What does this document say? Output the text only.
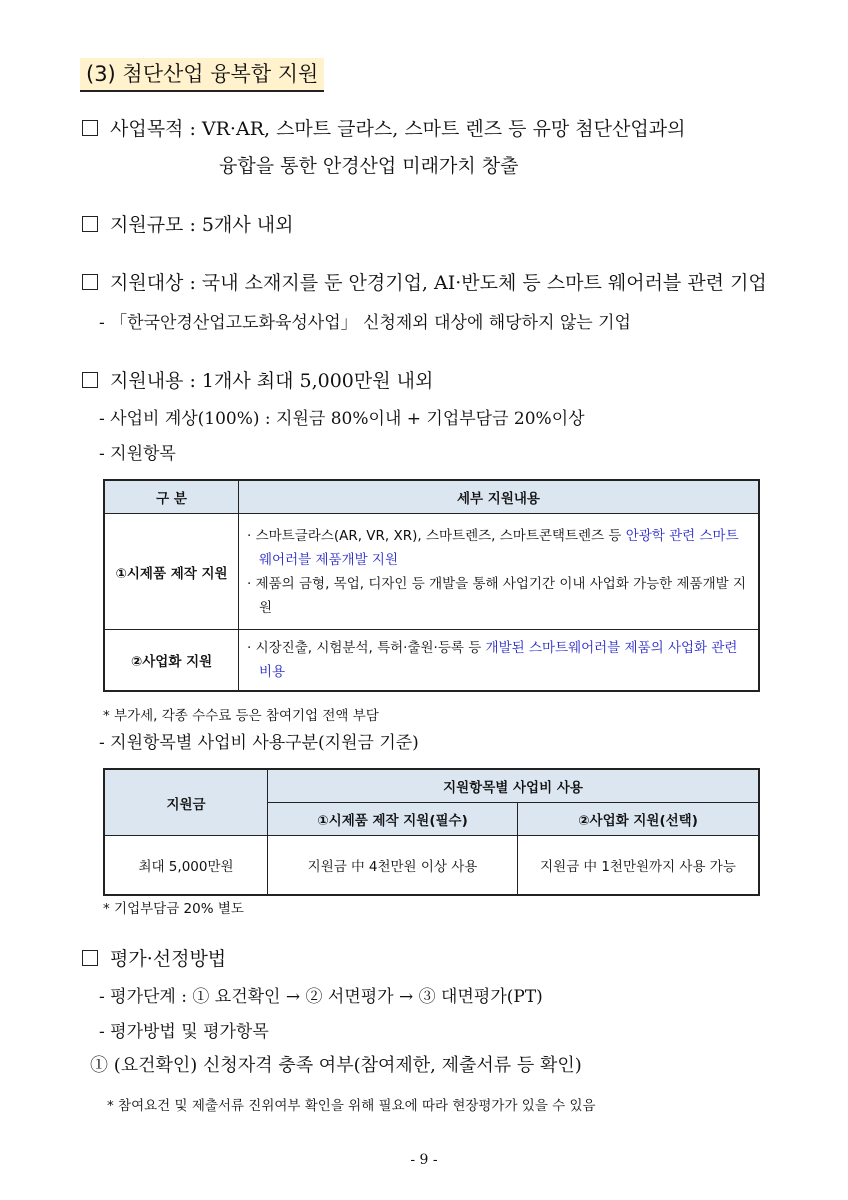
(3) 첨단산업 융복합 지원
사업목적 : VR·AR, 스마트 글라스, 스마트 렌즈 등 유망 첨단산업과의
융합을 통한 안경산업 미래가치 창출
지원규모 : 5개사 내외
지원대상 : 국내 소재지를 둔 안경기업, AI·반도체 등 스마트 웨어러블 관련 기업
- 「한국안경산업고도화육성사업」 신청제외 대상에 해당하지 않는 기업
지원내용 : 1개사 최대 5,000만원 내외
- 사업비 계상(100%) : 지원금 80%이내 + 기업부담금 20%이상
- 지원항목
구 분	세부 지원내용
①시제품 제작 지원	· 스마트글라스(AR, VR, XR), 스마트렌즈, 스마트콘택트렌즈 등 안광학 관련 스마트웨어러블 제품개발 지원
· 제품의 금형, 목업, 디자인 등 개발을 통해 사업기간 이내 사업화 가능한 제품개발 지원

②사업화 지원	· 시장진출, 시험분석, 특허·출원·등록 등 개발된 스마트웨어러블 제품의 사업화 관련 비용
* 부가세, 각종 수수료 등은 참여기업 전액 부담
- 지원항목별 사업비 사용구분(지원금 기준)
지원금	지원항목별 사업비 사용	
	①시제품 제작 지원(필수)	②사업화 지원(선택)
최대 5,000만원	지원금 中 4천만원 이상 사용	지원금 中 1천만원까지 사용 가능
* 기업부담금 20% 별도
평가·선정방법
- 평가단계 : ① 요건확인 → ② 서면평가 → ③ 대면평가(PT)
- 평가방법 및 평가항목
① (요건확인) 신청자격 충족 여부(참여제한, 제출서류 등 확인)
* 참여요건 및 제출서류 진위여부 확인을 위해 필요에 따라 현장평가가 있을 수 있음
- 9 -
